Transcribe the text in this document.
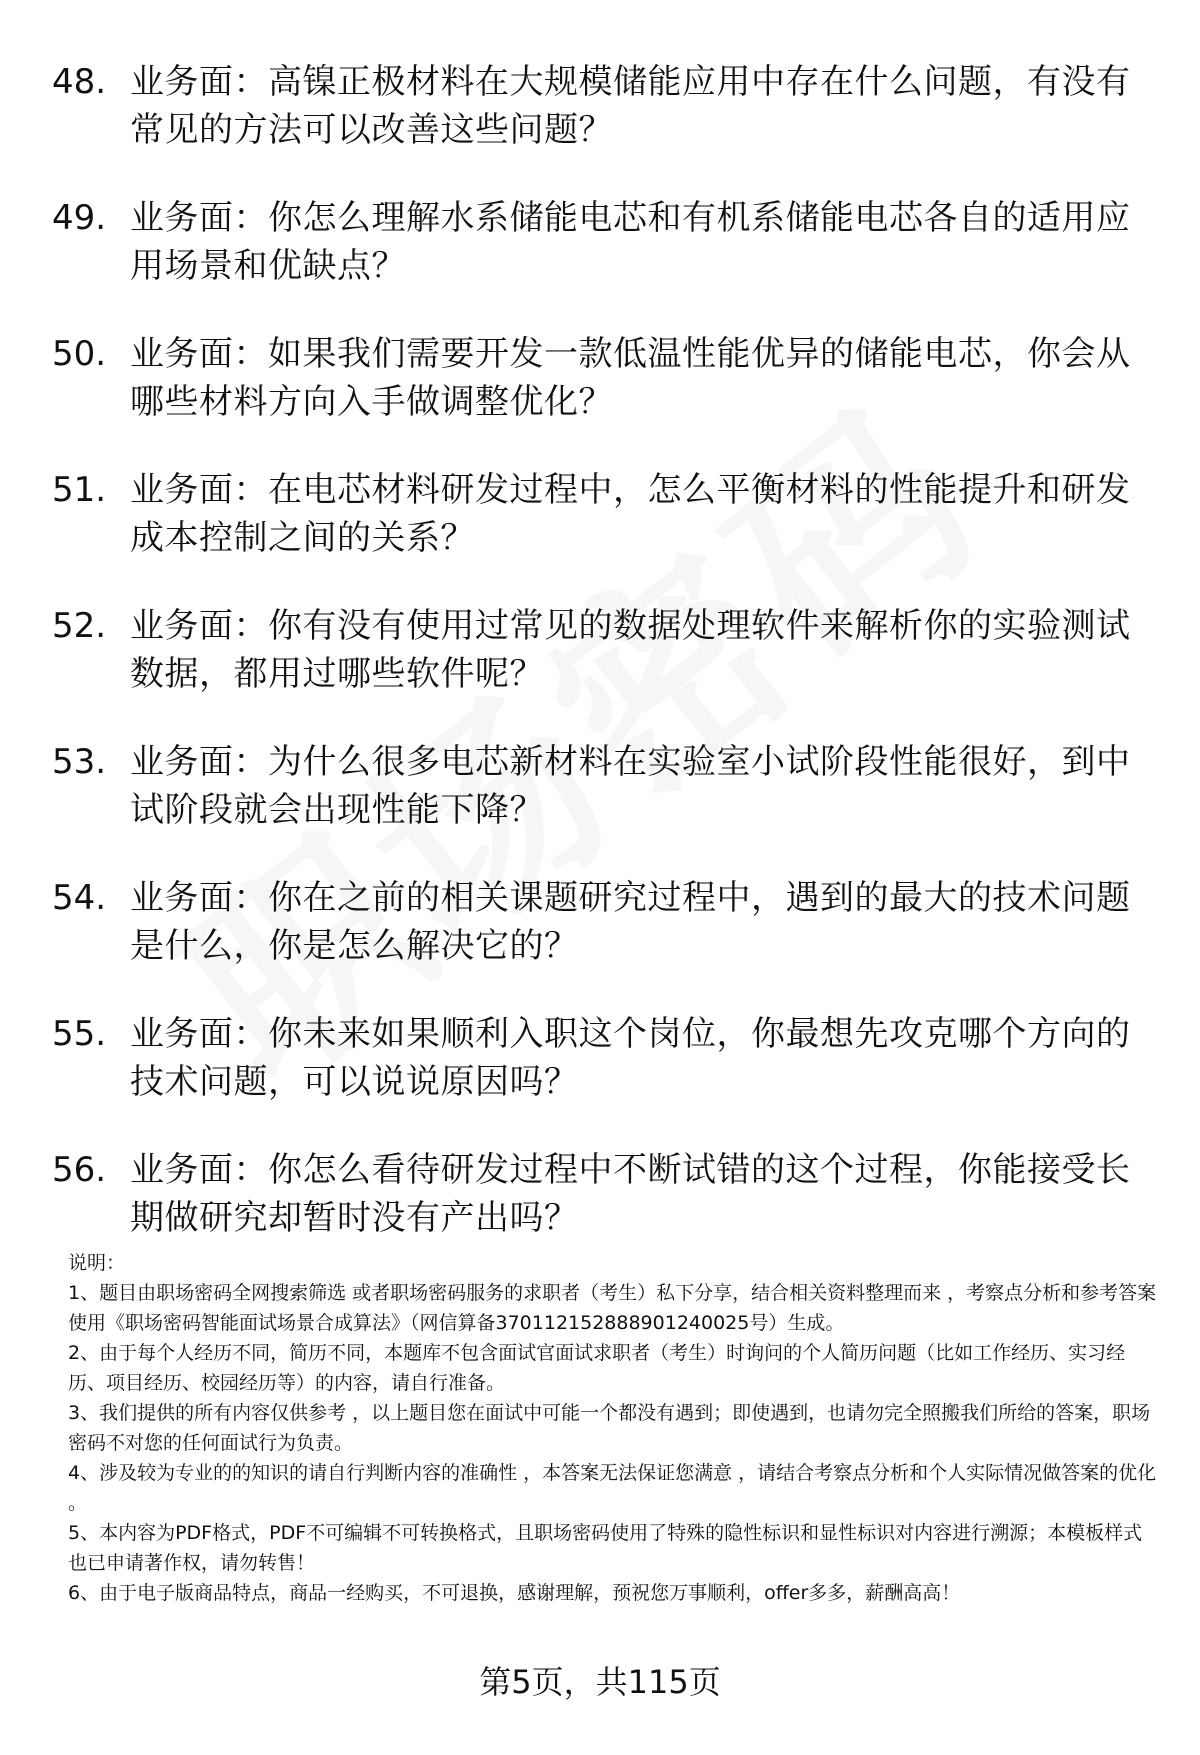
48. 业务面：高镍正极材料在大规模储能应用中存在什么问题，有没有常见的方法可以改善这些问题？
49. 业务面：你怎么理解水系储能电芯和有机系储能电芯各自的适用应用场景和优缺点？
50. 业务面：如果我们需要开发一款低温性能优异的储能电芯，你会从哪些材料方向入手做调整优化？
51. 业务面：在电芯材料研发过程中，怎么平衡材料的性能提升和研发成本控制之间的关系？
52. 业务面：你有没有使用过常见的数据处理软件来解析你的实验测试数据，都用过哪些软件呢？
53. 业务面：为什么很多电芯新材料在实验室小试阶段性能很好，到中试阶段就会出现性能下降？
54. 业务面：你在之前的相关课题研究过程中，遇到的最大的技术问题是什么，你是怎么解决它的？
55. 业务面：你未来如果顺利入职这个岗位，你最想先攻克哪个方向的技术问题，可以说说原因吗？
56. 业务面：你怎么看待研发过程中不断试错的这个过程，你能接受长期做研究却暂时没有产出吗？

说明：

1、题目由职场密码全网搜索筛选 或者职场密码服务的求职者（考生）私下分享，结合相关资料整理而来 ，考察点分析和参考答案使用《职场密码智能面试场景合成算法》（网信算备370112152888901240025号）生成。

2、由于每个人经历不同，简历不同，本题库不包含面试官面试求职者（考生）时询问的个人简历问题（比如工作经历、实习经历、项目经历、校园经历等）的内容，请自行准备。

3、我们提供的所有内容仅供参考 ，以上题目您在面试中可能一个都没有遇到；即使遇到，也请勿完全照搬我们所给的答案，职场密码不对您的任何面试行为负责。

4、涉及较为专业的的知识的请自行判断内容的准确性 ，本答案无法保证您满意 ，请结合考察点分析和个人实际情况做答案的优化 。

5、本内容为PDF格式，PDF不可编辑不可转换格式，且职场密码使用了特殊的隐性标识和显性标识对内容进行溯源；本模板样式也已申请著作权，请勿转售！

6、由于电子版商品特点，商品一经购买，不可退换，感谢理解，预祝您万事顺利，offer多多，薪酬高高！

第5页，共115页
